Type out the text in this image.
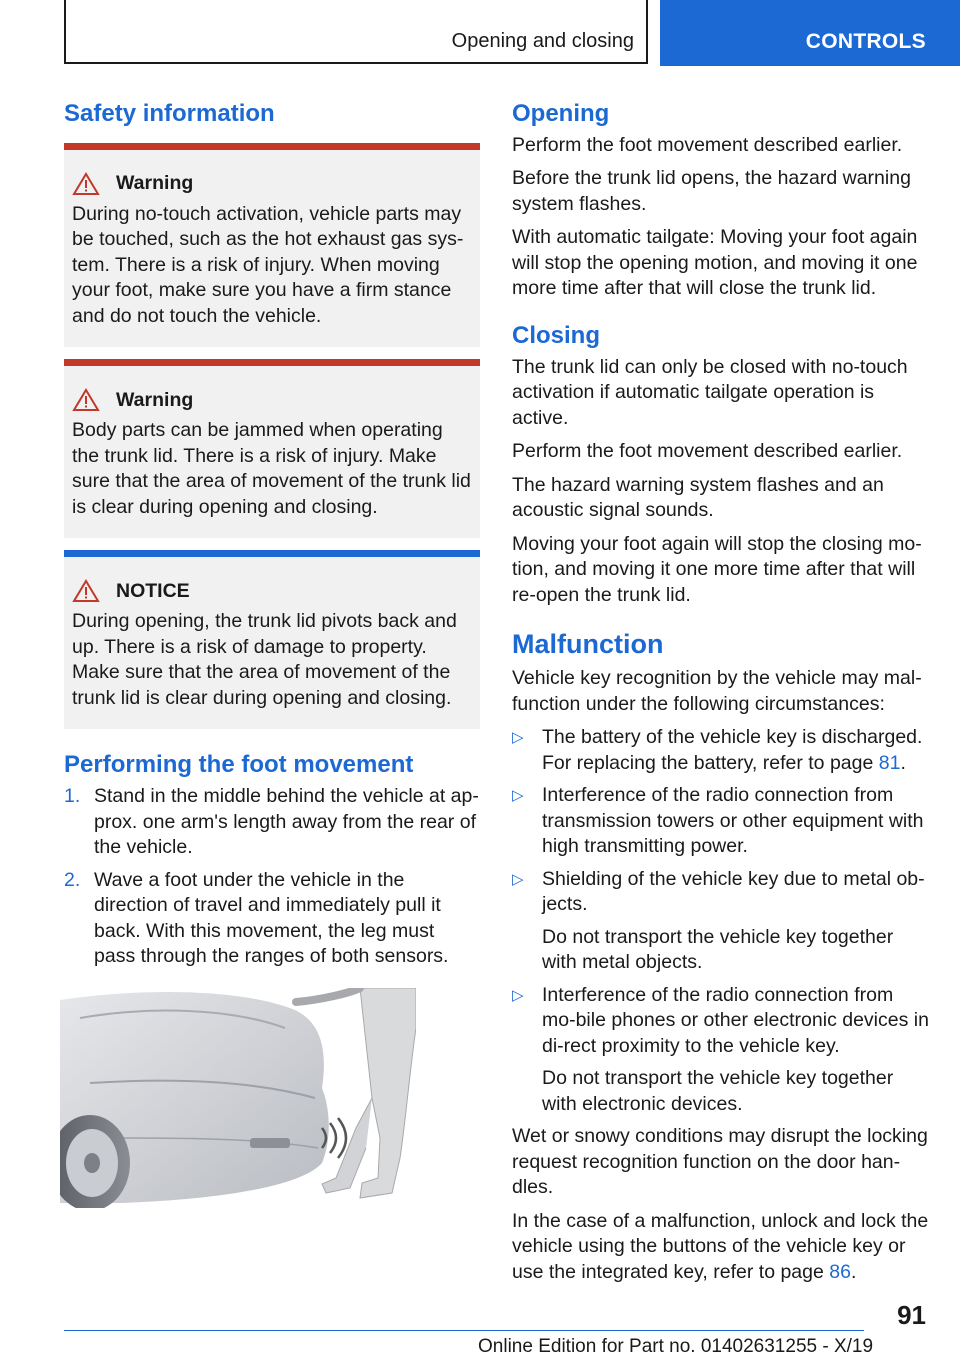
Opening and closing	CONTROLS
Safety information
Warning

During no-touch activation, vehicle parts may be touched, such as the hot exhaust gas sys‐tem. There is a risk of injury. When moving your foot, make sure you have a firm stance and do not touch the vehicle.

Warning

Body parts can be jammed when operating the trunk lid. There is a risk of injury. Make sure that the area of movement of the trunk lid is clear during opening and closing.

NOTICE

During opening, the trunk lid pivots back and up. There is a risk of damage to property. Make sure that the area of movement of the trunk lid is clear during opening and closing.

Performing the foot movement
1. Stand in the middle behind the vehicle at ap‐prox. one arm's length away from the rear of the vehicle.
2. Wave a foot under the vehicle in the direction of travel and immediately pull it back. With this movement, the leg must pass through the ranges of both sensors.
Opening

Perform the foot movement described earlier.

Before the trunk lid opens, the hazard warning system flashes.

With automatic tailgate: Moving your foot again will stop the opening motion, and moving it one more time after that will close the trunk lid.

Closing

The trunk lid can only be closed with no-touch activation if automatic tailgate operation is active.

Perform the foot movement described earlier.

The hazard warning system flashes and an acoustic signal sounds.

Moving your foot again will stop the closing mo‐tion, and moving it one more time after that will re-open the trunk lid.

Malfunction

Vehicle key recognition by the vehicle may mal‐function under the following circumstances:

▷ The battery of the vehicle key is discharged. For replacing the battery, refer to page 81.

▷ Interference of the radio connection from transmission towers or other equipment with high transmitting power.

▷ Shielding of the vehicle key due to metal ob‐jects.

Do not transport the vehicle key together with metal objects.

▷ Interference of the radio connection from mo‐bile phones or other electronic devices in di‐rect proximity to the vehicle key.

Do not transport the vehicle key together with electronic devices.

Wet or snowy conditions may disrupt the locking request recognition function on the door han‐dles.

In the case of a malfunction, unlock and lock the vehicle using the buttons of the vehicle key or use the integrated key, refer to page 86.

91
Online Edition for Part no. 01402631255 - X/19
